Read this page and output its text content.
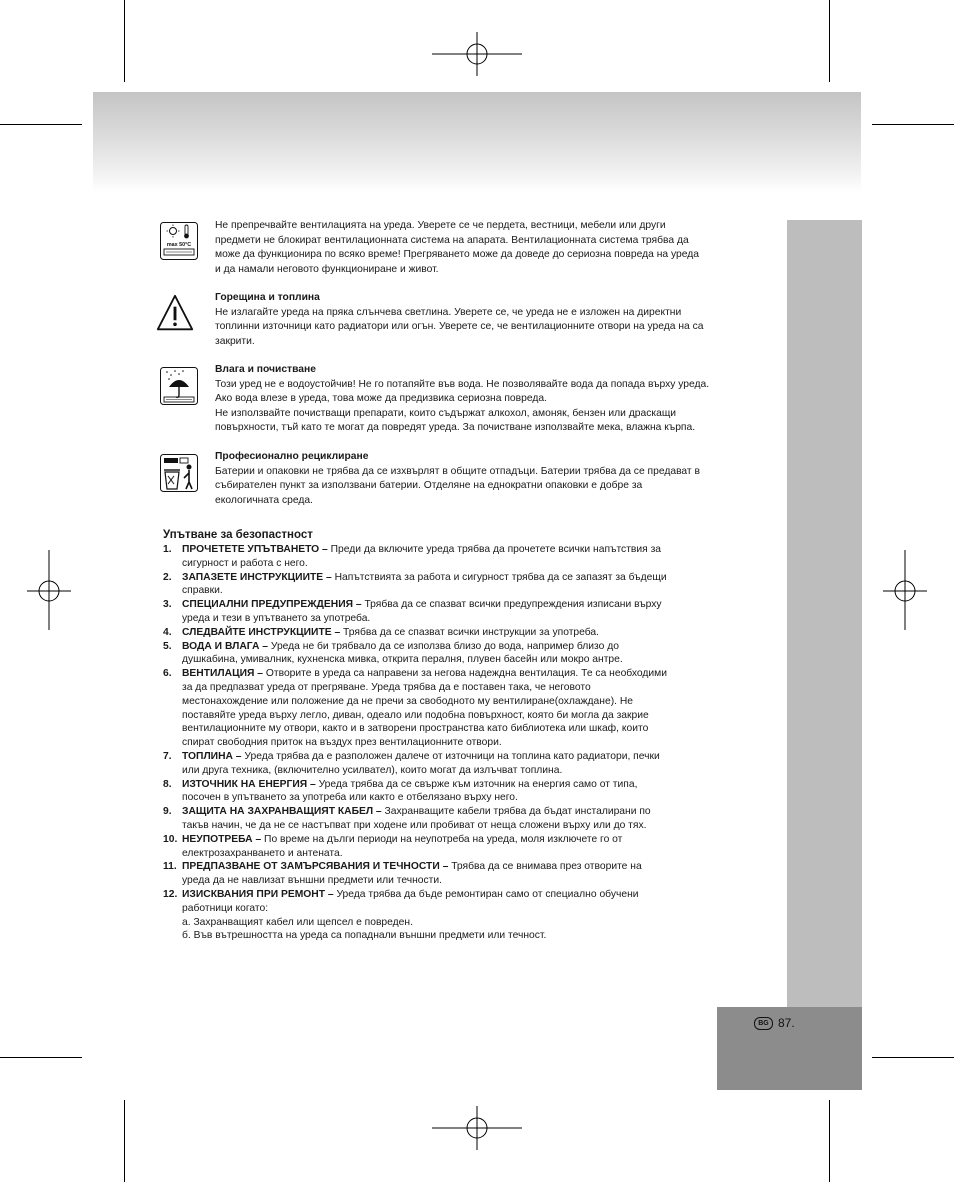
BG 87.
max 50°C

Не препречвайте вентилацията на уреда. Уверете се че пердета, вестници, мебели или други

предмети не блокират вентилационната система на апарата. Вентилационната система трябва да

може да функционира по всяко време! Прегряването може да доведе до сериозна повреда на уреда

и да намали неговото функциониране и живот.

Горещина и топлина

Не излагайте уреда на пряка слънчева светлина. Уверете се, че уреда не е изложен на директни

топлинни източници като радиатори или огън. Уверете се, че вентилационните отвори на уреда на са

закрити.

Влага и почистване

Този уред не е водоустойчив! Не го потапяйте във вода. Не позволявайте вода да попада върху уреда.

Ако вода влезе в уреда, това може да предизвика сериозна повреда.

Не използвайте почистващи препарати, които съдържат алкохол, амоняк, бензен или драскащи

повърхности, тъй като те могат да повредят уреда. За почистване използвайте мека, влажна кърпа.

Професионално рециклиране

Батерии и опаковки не трябва да се изхвърлят в общите отпадъци. Батерии трябва да се предават в

събирателен пункт за използвани батерии. Отделяне на еднократни опаковки е добре за

екологичната среда.

Упътване за безопастност
1.	ПРОЧЕТЕТЕ УПЪТВАНЕТО – Преди да включите уреда трябва да прочетете всички напътствия за
сигурност и работа с него.
2.	ЗАПАЗЕТЕ ИНСТРУКЦИИТЕ – Напътствията за работа и сигурност трябва да се запазят за бъдещи
справки.
3.	СПЕЦИАЛНИ ПРЕДУПРЕЖДЕНИЯ – Трябва да се спазват всички предупреждения изписани върху
уреда и тези в упътването за употреба.
4.	СЛЕДВАЙТЕ ИНСТРУКЦИИТЕ – Трябва да се спазват всички инструкции за употреба.
5.	ВОДА И ВЛАГА – Уреда не би трябвало да се използва близо до вода, например близо до
душкабина, умивалник, кухненска мивка, открита пералня, плувен басейн или мокро антре.
6.	ВЕНТИЛАЦИЯ – Отворите в уреда са направени за негова надеждна вентилация. Те са необходими
за да предпазват уреда от прегряване. Уреда трябва да е поставен така, че неговото
местонахождение или положение да не пречи за свободното му вентилиране(охлаждане). Не
поставяйте уреда върху легло, диван, одеало или подобна повърхност, която би могла да закрие
вентилационните му отвори, както и в затворени пространства като библиотека или шкаф, които
спират свободния приток на въздух през вентилационните отвори.
7.	ТОПЛИНА – Уреда трябва да е разположен далече от източници на топлина като радиатори, печки
или друга техника, (включително усилвател), които могат да излъчват топлина.
8.	ИЗТОЧНИК НА ЕНЕРГИЯ – Уреда трябва да се свърже към източник на енергия само от типа,
посочен в упътването за употреба или както е отбелязано върху него.
9.	ЗАЩИТА НА ЗАХРАНВАЩИЯТ КАБЕЛ – Захранващите кабели трябва да бъдат инсталирани по
такъв начин, че да не се настъпват при ходене или пробиват от неща сложени върху или до тях.
10. НЕУПОТРЕБА – По време на дълги периоди на неупотреба на уреда, моля изключете го от
електрозахранването и антената.
11. ПРЕДПАЗВАНЕ ОТ ЗАМЪРСЯВАНИЯ И ТЕЧНОСТИ – Трябва да се внимава през отворите на
уреда да не навлизат външни предмети или течности.
12. ИЗИСКВАНИЯ ПРИ РЕМОНТ – Уреда трябва да бъде ремонтиран само от специално обучени
работници когато:
а. Захранващият кабел или щепсел е повреден.
б. Във вътрешността на уреда са попаднали външни предмети или течност.
